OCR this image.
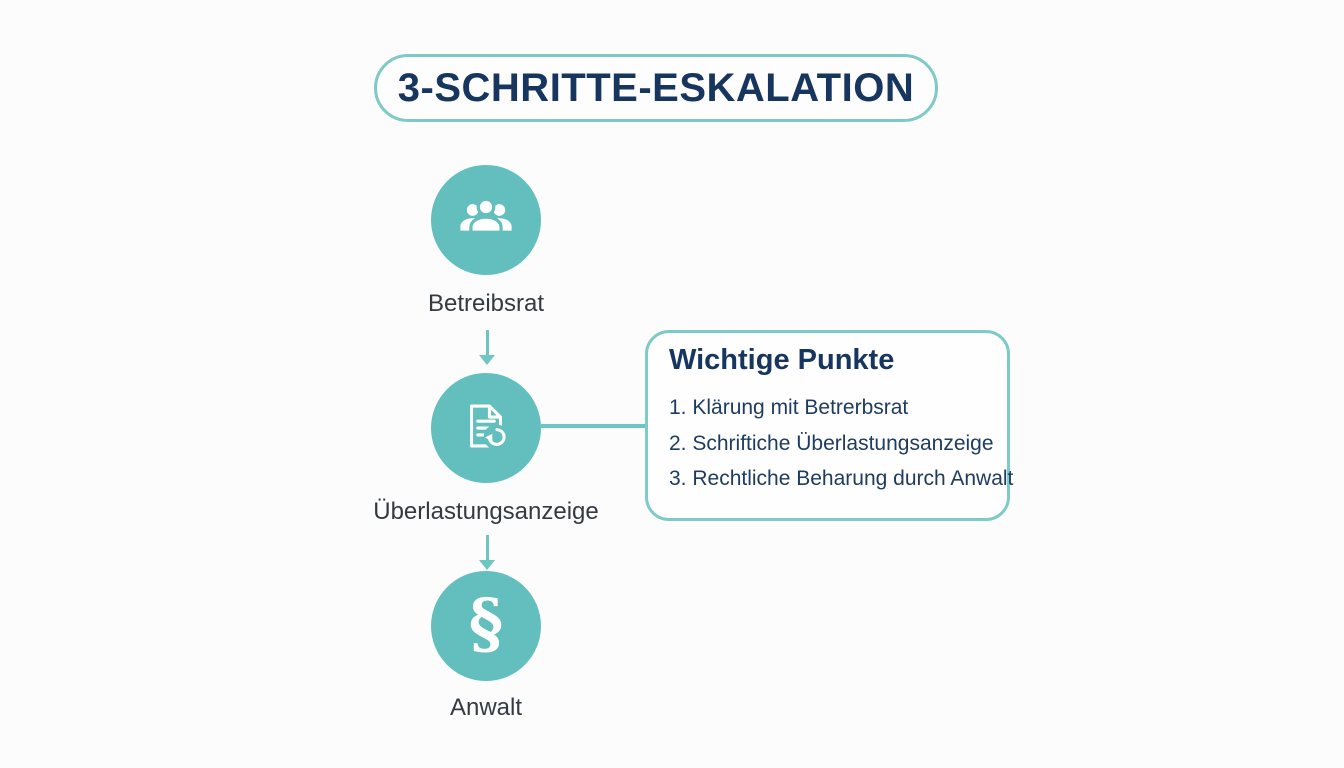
3-SCHRITTE-ESKALATION
Betreibsrat
Überlastungsanzeige
§
Anwalt
Wichtige Punkte
1. Klärung mit Betrerbsrat
2. Schriftiche Überlastungsanzeige
3. Rechtliche Beharung durch Anwalt
